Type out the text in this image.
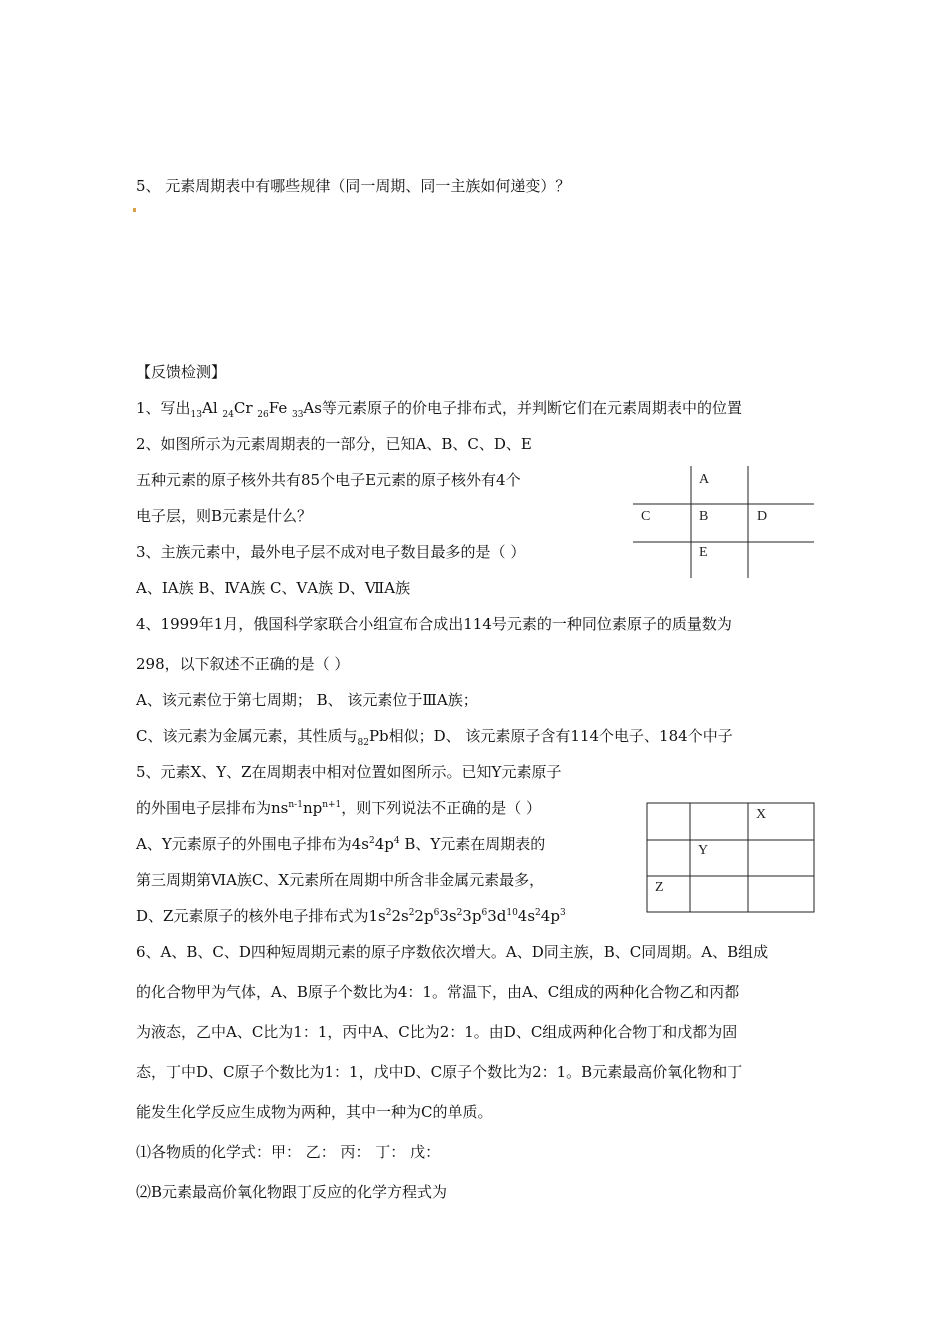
5、 元素周期表中有哪些规律（同一周期、同一主族如何递变）？
【反馈检测】
1、写出$_{13}$Al $_{24}$Cr $_{26}$Fe $_{33}$As等元素原子的价电子排布式，并判断它们在元素周期表中的位置
2、如图所示为元素周期表的一部分，已知A、B、C、D、E
五种元素的原子核外共有85个电子E元素的原子核外有4个
电子层，则B元素是什么？
A
C	B	D
E
3、主族元素中，最外电子层不成对电子数目最多的是（ ）
A、ⅠA族 B、ⅣA族 C、ⅤA族 D、ⅦA族
4、1999年1月，俄国科学家联合小组宣布合成出114号元素的一种同位素原子的质量数为
298，以下叙述不正确的是（ ）
A、该元素位于第七周期； B、 该元素位于ⅢA族；
C、该元素为金属元素，其性质与$_{82}$Pb相似；D、 该元素原子含有114个电子、184个中子
5、元素X、Y、Z在周期表中相对位置如图所示。已知Y元素原子
的外围电子层排布为$ns^{n-1}np^{n+1}$，则下列说法不正确的是（ ）
A、Y元素原子的外围电子排布为$4s^24p^4$ B、Y元素在周期表的
第三周期第ⅥA族C、X元素所在周期中所含非金属元素最多，
D、Z元素原子的核外电子排布式为$1s^22s^22p^63s^23p^63d^{10}4s^24p^3$
X
Y
Z
6、A、B、C、D四种短周期元素的原子序数依次增大。A、D同主族，B、C同周期。A、B组成
的化合物甲为气体，A、B原子个数比为4：1。常温下，由A、C组成的两种化合物乙和丙都
为液态，乙中A、C比为1：1，丙中A、C比为2：1。由D、C组成两种化合物丁和戊都为固
态，丁中D、C原子个数比为1：1，戊中D、C原子个数比为2：1。B元素最高价氧化物和丁
能发生化学反应生成物为两种，其中一种为C的单质。
⑴各物质的化学式：甲： 乙： 丙： 丁： 戊：
⑵B元素最高价氧化物跟丁反应的化学方程式为
